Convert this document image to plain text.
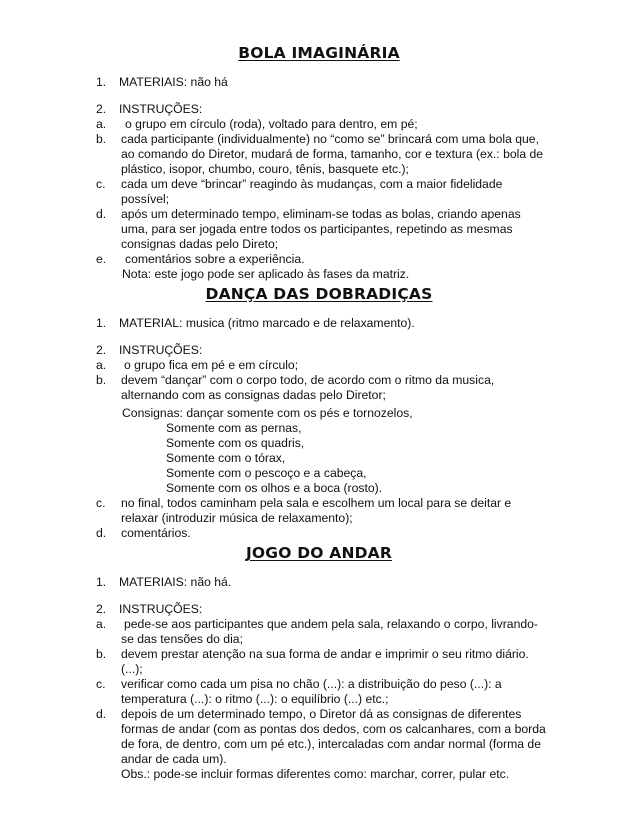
BOLA IMAGINÁRIA
1. MATERIAIS: não há
2. INSTRUÇÕES:
a. o grupo em círculo (roda), voltado para dentro, em pé;
b. cada participante (individualmente) no “como se” brincará com uma bola que,
ao comando do Diretor, mudará de forma, tamanho, cor e textura (ex.: bola de
plástico, isopor, chumbo, couro, tênis, basquete etc.);
c. cada um deve “brincar” reagindo às mudanças, com a maior fidelidade
possível;
d. após um determinado tempo, eliminam-se todas as bolas, criando apenas
uma, para ser jogada entre todos os participantes, repetindo as mesmas
consignas dadas pelo Direto;
e. comentários sobre a experiência.
Nota: este jogo pode ser aplicado às fases da matriz.
DANÇA DAS DOBRADIÇAS
1. MATERIAL: musica (ritmo marcado e de relaxamento).
2. INSTRUÇÕES:
a. o grupo fica em pé e em círculo;
b. devem “dançar” com o corpo todo, de acordo com o ritmo da musica,
alternando com as consignas dadas pelo Diretor;
Consignas: dançar somente com os pés e tornozelos,
Somente com as pernas,
Somente com os quadris,
Somente com o tórax,
Somente com o pescoço e a cabeça,
Somente com os olhos e a boca (rosto).
c. no final, todos caminham pela sala e escolhem um local para se deitar e
relaxar (introduzir música de relaxamento);
d. comentários.
JOGO DO ANDAR
1. MATERIAIS: não há.
2. INSTRUÇÕES:
a. pede-se aos participantes que andem pela sala, relaxando o corpo, livrando-
se das tensões do dia;
b. devem prestar atenção na sua forma de andar e imprimir o seu ritmo diário.
(...);
c. verificar como cada um pisa no chão (...): a distribuição do peso (...): a
temperatura (...): o ritmo (...): o equilíbrio (...) etc.;
d. depois de um determinado tempo, o Diretor dá as consignas de diferentes
formas de andar (com as pontas dos dedos, com os calcanhares, com a borda
de fora, de dentro, com um pé etc.), intercaladas com andar normal (forma de
andar de cada um).
Obs.: pode-se incluir formas diferentes como: marchar, correr, pular etc.
